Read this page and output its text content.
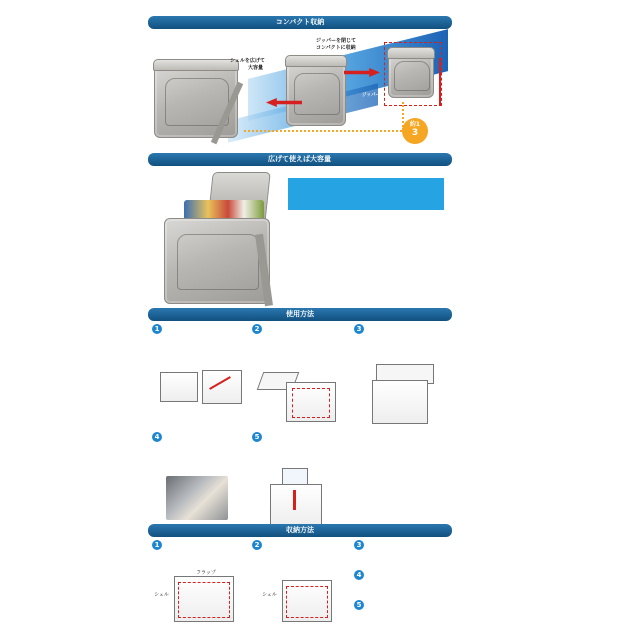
コンパクト収納
シェルを広げて
大容量
ジッパーを閉じて
コンパクトに収納
ジッパー
約1
3
広げて使えば大容量
使用方法
1	2	3
4	5
収納方法
1
フラップ
シェル
2
シェル
3
4
5
